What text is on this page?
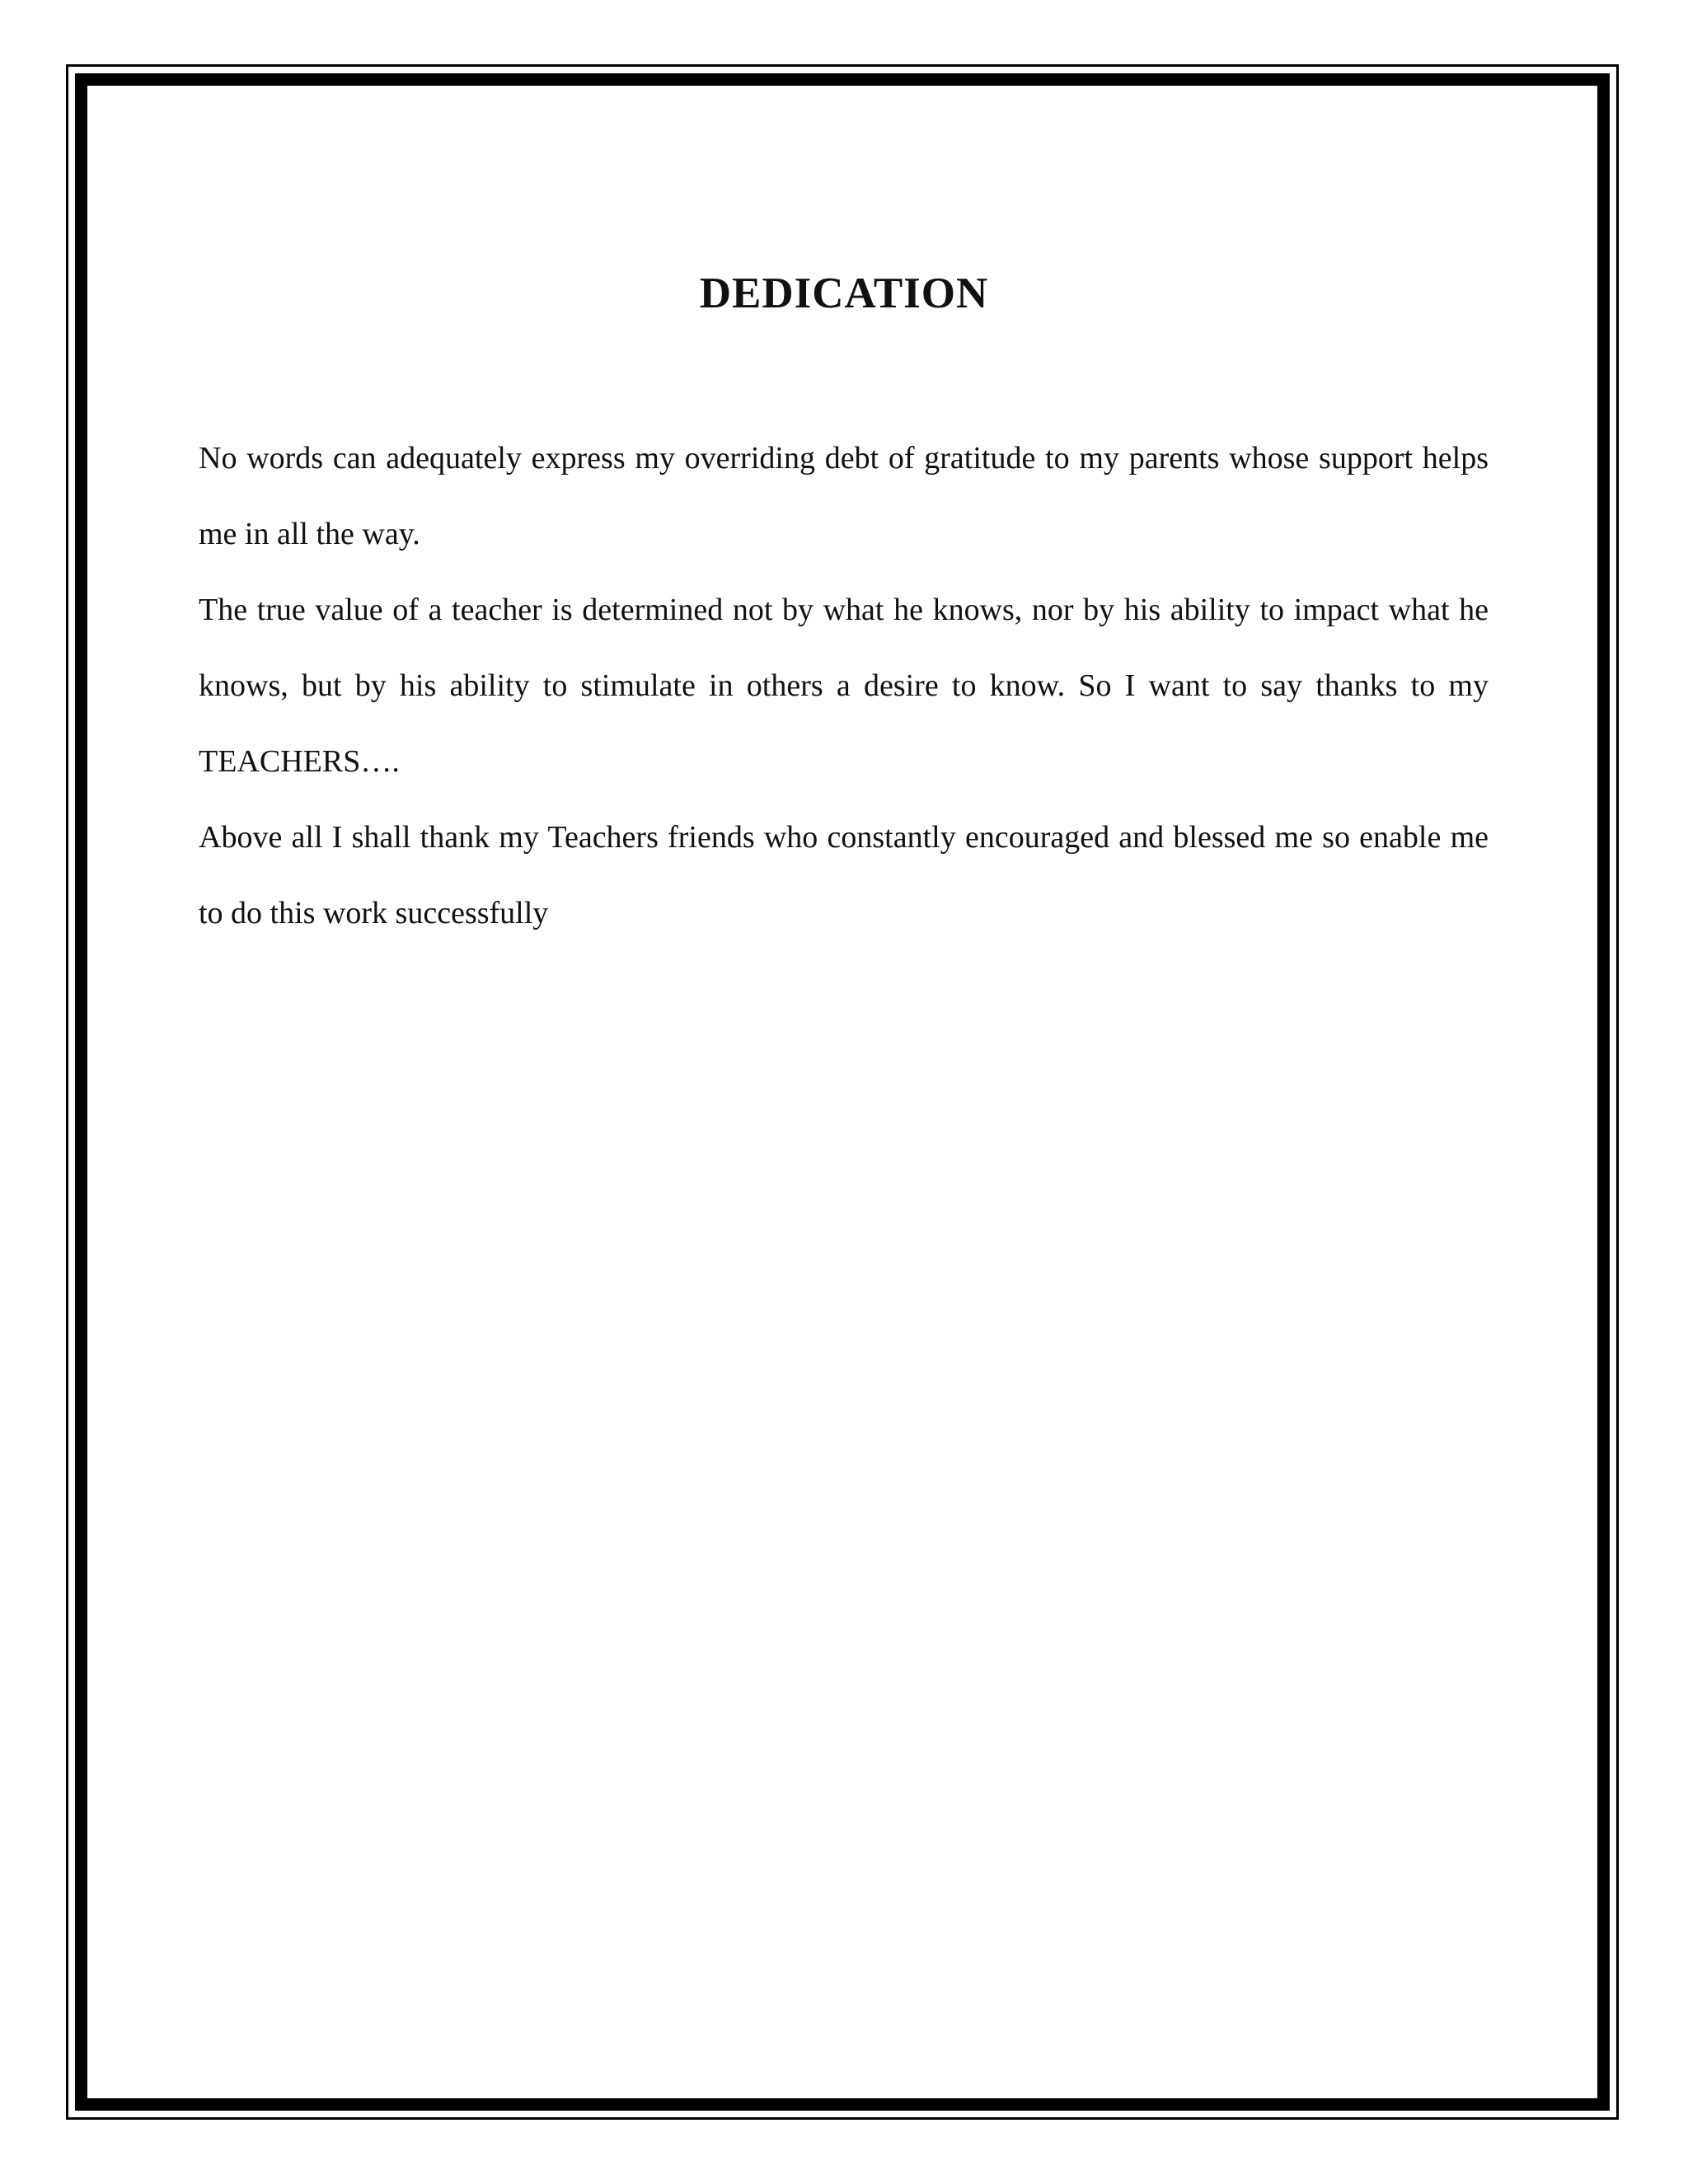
DEDICATION

No words can adequately express my overriding debt of gratitude to my parents whose support helps me in all the way.

The true value of a teacher is determined not by what he knows, nor by his ability to impact what he knows, but by his ability to stimulate in others a desire to know. So I want to say thanks to my TEACHERS….

Above all I shall thank my Teachers friends who constantly encouraged and blessed me so enable me to do this work successfully
